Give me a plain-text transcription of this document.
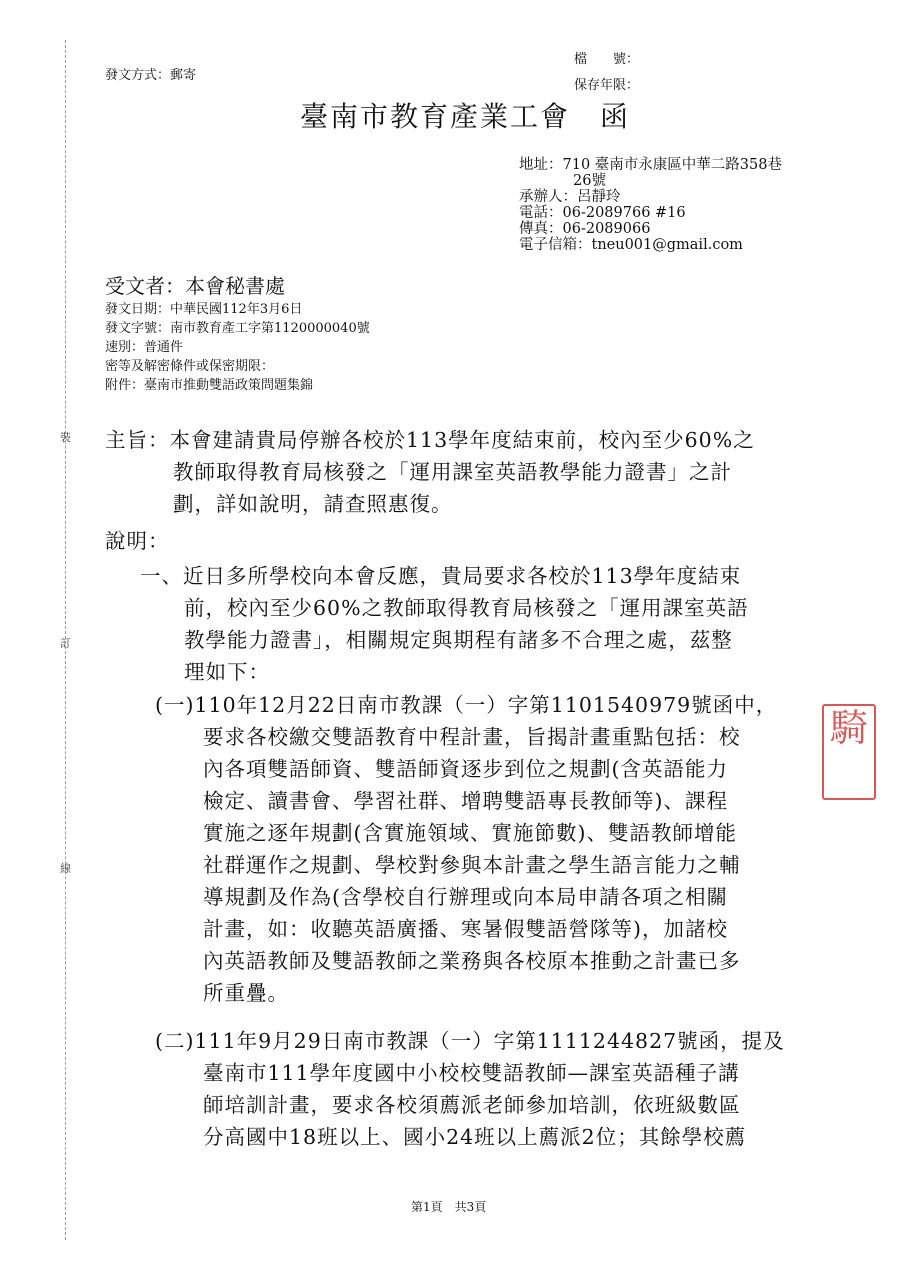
發文方式：郵寄
檔　　號：
保存年限：
臺南市教育產業工會　函
地址：710 臺南市永康區中華二路358巷
26號
承辦人：呂靜玲
電話：06-2089766 #16
傳真：06-2089066
電子信箱：tneu001@gmail.com
受文者：本會秘書處
發文日期：中華民國112年3月6日
發文字號：南市教育產工字第1120000040號
速別：普通件
密等及解密條件或保密期限：
附件：臺南市推動雙語政策問題集錦
裝
訂
線
主旨：本會建請貴局停辦各校於113學年度結束前，校內至少60%之
教師取得教育局核發之「運用課室英語教學能力證書」之計
劃，詳如說明，請查照惠復。
說明：
一、近日多所學校向本會反應，貴局要求各校於113學年度結束
前，校內至少60%之教師取得教育局核發之「運用課室英語
教學能力證書」，相關規定與期程有諸多不合理之處，茲整
理如下：
(一)110年12月22日南市教課（一）字第1101540979號函中，
要求各校繳交雙語教育中程計畫，旨揭計畫重點包括：校
內各項雙語師資、雙語師資逐步到位之規劃(含英語能力
檢定、讀書會、學習社群、增聘雙語專長教師等)、課程
實施之逐年規劃(含實施領域、實施節數)、雙語教師增能
社群運作之規劃、學校對參與本計畫之學生語言能力之輔
導規劃及作為(含學校自行辦理或向本局申請各項之相關
計畫，如：收聽英語廣播、寒暑假雙語營隊等)，加諸校
內英語教師及雙語教師之業務與各校原本推動之計畫已多
所重疊。
(二)111年9月29日南市教課（一）字第1111244827號函，提及
臺南市111學年度國中小校校雙語教師—課室英語種子講
師培訓計畫，要求各校須薦派老師參加培訓，依班級數區
分高國中18班以上、國小24班以上薦派2位；其餘學校薦
騎
第1頁　共3頁
